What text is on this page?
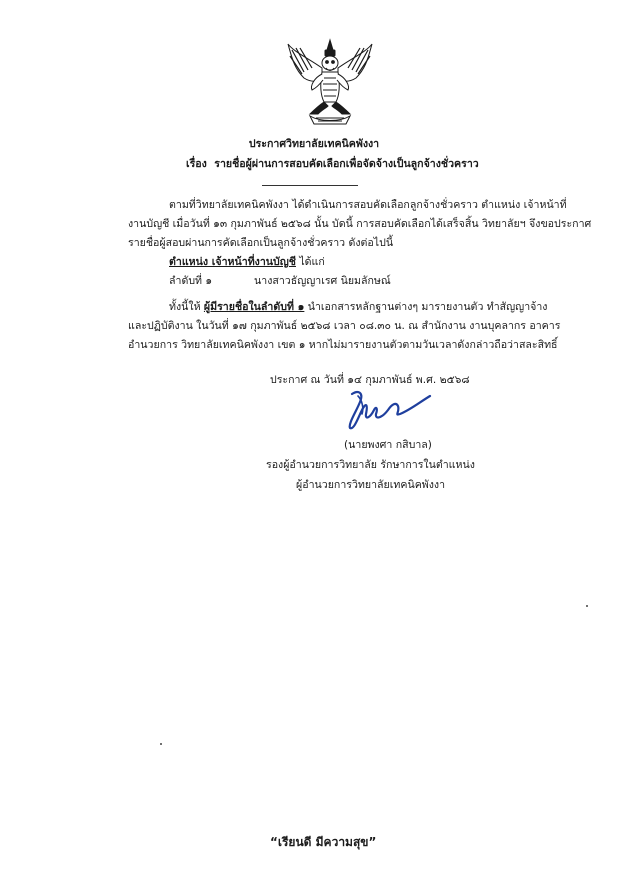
ประกาศวิทยาลัยเทคนิคพังงา
เรื่อง รายชื่อผู้ผ่านการสอบคัดเลือกเพื่อจัดจ้างเป็นลูกจ้างชั่วคราว
ตามที่วิทยาลัยเทคนิคพังงา ได้ดำเนินการสอบคัดเลือกลูกจ้างชั่วคราว ตำแหน่ง เจ้าหน้าที่
งานบัญชี เมื่อวันที่ ๑๓ กุมภาพันธ์ ๒๕๖๘ นั้น บัดนี้ การสอบคัดเลือกได้เสร็จสิ้น วิทยาลัยฯ จึงขอประกาศ
รายชื่อผู้สอบผ่านการคัดเลือกเป็นลูกจ้างชั่วคราว ดังต่อไปนี้
ตำแหน่ง เจ้าหน้าที่งานบัญชี ได้แก่
ลำดับที่ ๑	นางสาวธัญญาเรศ นิยมลักษณ์
ทั้งนี้ให้ ผู้มีรายชื่อในลำดับที่ ๑ นำเอกสารหลักฐานต่างๆ มารายงานตัว ทำสัญญาจ้าง
และปฏิบัติงาน ในวันที่ ๑๗ กุมภาพันธ์ ๒๕๖๘ เวลา ๐๘.๓๐ น. ณ สำนักงาน งานบุคลากร อาคาร
อำนวยการ วิทยาลัยเทคนิคพังงา เขต ๑ หากไม่มารายงานตัวตามวันเวลาดังกล่าวถือว่าสละสิทธิ์
ประกาศ ณ วันที่ ๑๔ กุมภาพันธ์ พ.ศ. ๒๕๖๘
(นายพงศา กสิบาล)
รองผู้อำนวยการวิทยาลัย รักษาการในตำแหน่ง
ผู้อำนวยการวิทยาลัยเทคนิคพังงา
“เรียนดี มีความสุข”
